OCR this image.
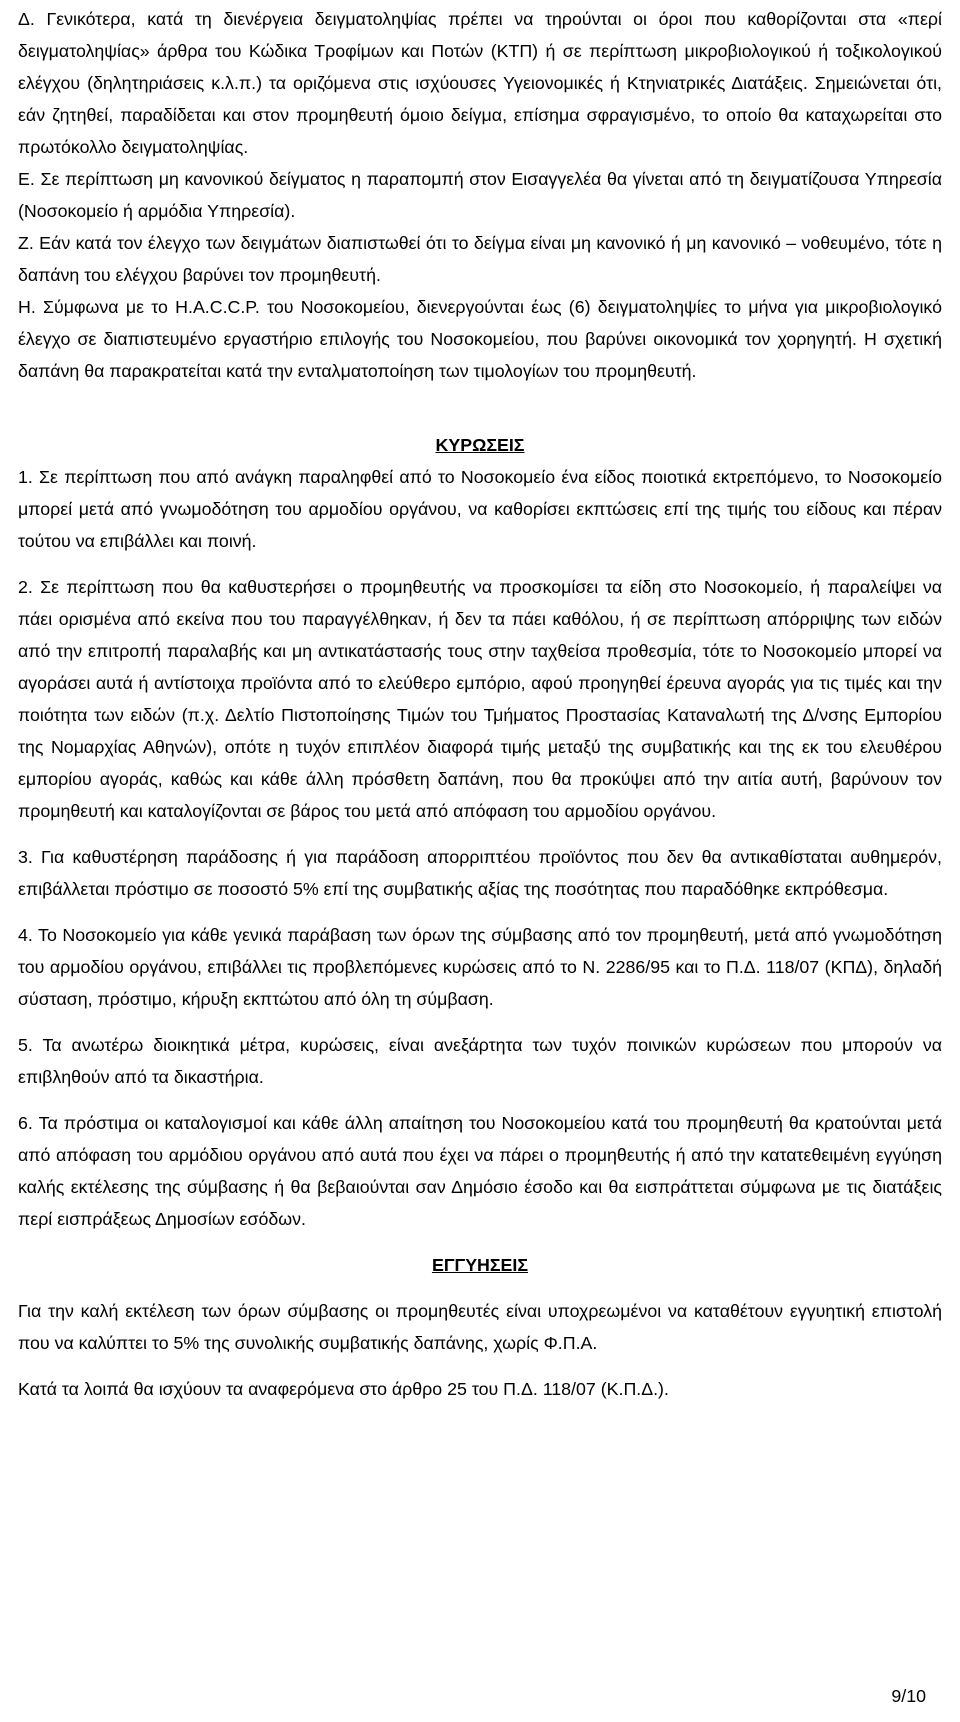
Δ. Γενικότερα, κατά τη διενέργεια δειγματοληψίας πρέπει να τηρούνται οι όροι που καθορίζονται στα «περί δειγματοληψίας» άρθρα του Κώδικα Τροφίμων και Ποτών (ΚΤΠ) ή σε περίπτωση μικροβιολογικού ή τοξικολογικού ελέγχου (δηλητηριάσεις κ.λ.π.) τα οριζόμενα στις ισχύουσες Υγειονομικές ή Κτηνιατρικές Διατάξεις. Σημειώνεται ότι, εάν ζητηθεί, παραδίδεται και στον προμηθευτή όμοιο δείγμα, επίσημα σφραγισμένο, το οποίο θα καταχωρείται στο πρωτόκολλο δειγματοληψίας.

Ε. Σε περίπτωση μη κανονικού δείγματος η παραπομπή στον Εισαγγελέα θα γίνεται από τη δειγματίζουσα Υπηρεσία (Νοσοκομείο ή αρμόδια Υπηρεσία).

Ζ. Εάν κατά τον έλεγχο των δειγμάτων διαπιστωθεί ότι το δείγμα είναι μη κανονικό ή μη κανονικό – νοθευμένο, τότε η δαπάνη του ελέγχου βαρύνει τον προμηθευτή.

Η. Σύμφωνα με το H.A.C.C.P. του Νοσοκομείου, διενεργούνται έως (6) δειγματοληψίες το μήνα για μικροβιολογικό έλεγχο σε διαπιστευμένο εργαστήριο επιλογής του Νοσοκομείου, που βαρύνει οικονομικά τον χορηγητή. Η σχετική δαπάνη θα παρακρατείται κατά την ενταλματοποίηση των τιμολογίων του προμηθευτή.

ΚΥΡΩΣΕΙΣ

1. Σε περίπτωση που από ανάγκη παραληφθεί από το Νοσοκομείο ένα είδος ποιοτικά εκτρεπόμενο, το Νοσοκομείο μπορεί μετά από γνωμοδότηση του αρμοδίου οργάνου, να καθορίσει εκπτώσεις επί της τιμής του είδους και πέραν τούτου να επιβάλλει και ποινή.

2. Σε περίπτωση που θα καθυστερήσει ο προμηθευτής να προσκομίσει τα είδη στο Νοσοκομείο, ή παραλείψει να πάει ορισμένα από εκείνα που του παραγγέλθηκαν, ή δεν τα πάει καθόλου, ή σε περίπτωση απόρριψης των ειδών από την επιτροπή παραλαβής και μη αντικατάστασής τους στην ταχθείσα προθεσμία, τότε το Νοσοκομείο μπορεί να αγοράσει αυτά ή αντίστοιχα προϊόντα από το ελεύθερο εμπόριο, αφού προηγηθεί έρευνα αγοράς για τις τιμές και την ποιότητα των ειδών (π.χ. Δελτίο Πιστοποίησης Τιμών του Τμήματος Προστασίας Καταναλωτή της Δ/νσης Εμπορίου της Νομαρχίας Αθηνών), οπότε η τυχόν επιπλέον διαφορά τιμής μεταξύ της συμβατικής και της εκ του ελευθέρου εμπορίου αγοράς, καθώς και κάθε άλλη πρόσθετη δαπάνη, που θα προκύψει από την αιτία αυτή, βαρύνουν τον προμηθευτή και καταλογίζονται σε βάρος του μετά από απόφαση του αρμοδίου οργάνου.

3. Για καθυστέρηση παράδοσης ή για παράδοση απορριπτέου προϊόντος που δεν θα αντικαθίσταται αυθημερόν, επιβάλλεται πρόστιμο σε ποσοστό 5% επί της συμβατικής αξίας της ποσότητας που παραδόθηκε εκπρόθεσμα.

4. Το Νοσοκομείο για κάθε γενικά παράβαση των όρων της σύμβασης από τον προμηθευτή, μετά από γνωμοδότηση του αρμοδίου οργάνου, επιβάλλει τις προβλεπόμενες κυρώσεις από το Ν. 2286/95 και το Π.Δ. 118/07 (ΚΠΔ), δηλαδή σύσταση, πρόστιμο, κήρυξη εκπτώτου από όλη τη σύμβαση.

5. Τα ανωτέρω διοικητικά μέτρα, κυρώσεις, είναι ανεξάρτητα των τυχόν ποινικών κυρώσεων που μπορούν να επιβληθούν από τα δικαστήρια.

6. Τα πρόστιμα οι καταλογισμοί και κάθε άλλη απαίτηση του Νοσοκομείου κατά του προμηθευτή θα κρατούνται μετά από απόφαση του αρμόδιου οργάνου από αυτά που έχει να πάρει ο προμηθευτής ή από την κατατεθειμένη εγγύηση καλής εκτέλεσης της σύμβασης ή θα βεβαιούνται σαν Δημόσιο έσοδο και θα εισπράττεται σύμφωνα με τις διατάξεις περί εισπράξεως Δημοσίων εσόδων.

ΕΓΓΥΗΣΕΙΣ

Για την καλή εκτέλεση των όρων σύμβασης οι προμηθευτές είναι υποχρεωμένοι να καταθέτουν εγγυητική επιστολή που να καλύπτει το 5% της συνολικής συμβατικής δαπάνης, χωρίς Φ.Π.Α.

Κατά τα λοιπά θα ισχύουν τα αναφερόμενα στο άρθρο 25 του Π.Δ. 118/07 (Κ.Π.Δ.).

9/10
